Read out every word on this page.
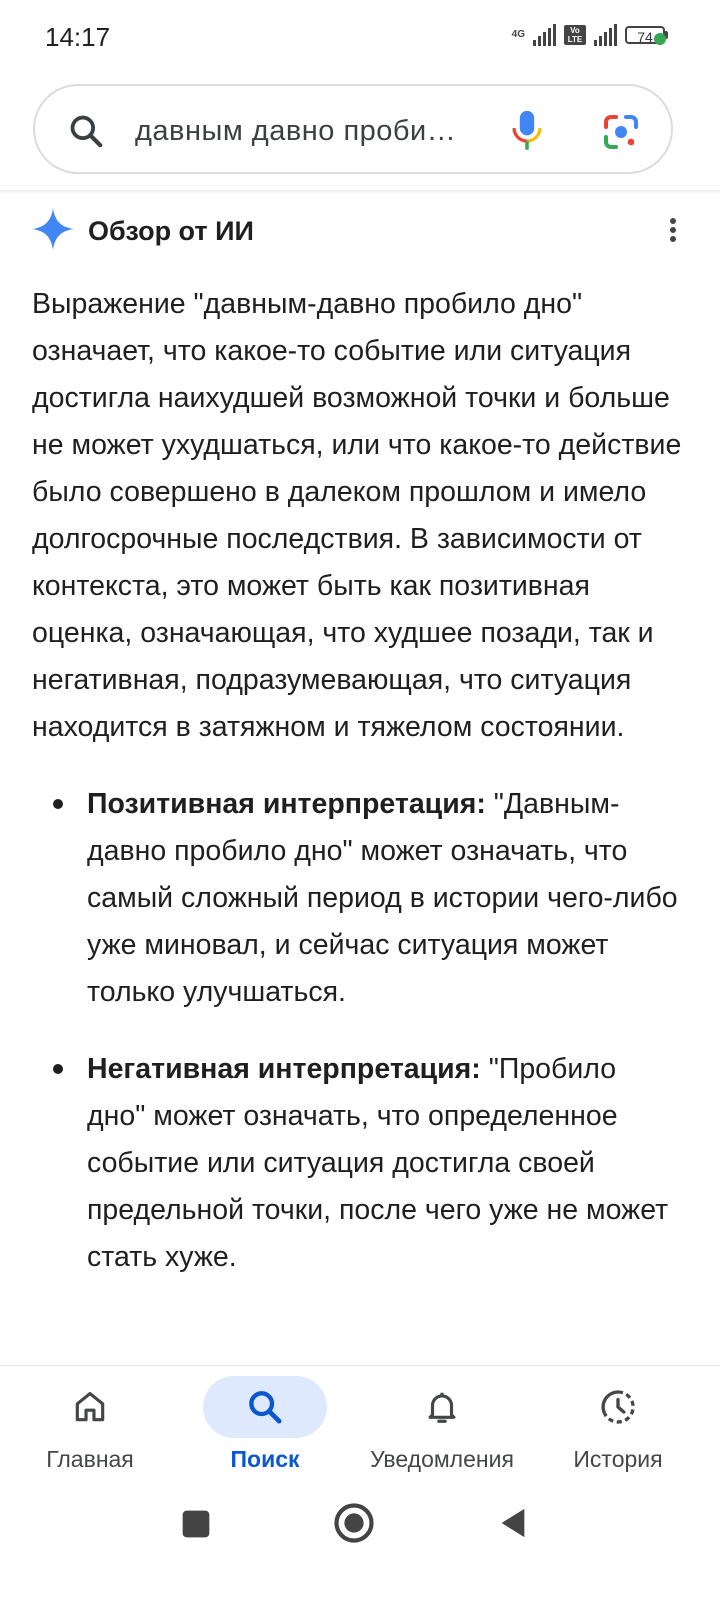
14:17	4G	Vo LTE	74
давным давно проби…
Обзор от ИИ

Выражение "давным-давно пробило дно" означает, что какое-то событие или ситуация достигла наихудшей возможной точки и больше не может ухудшаться, или что какое-то действие было совершено в далеком прошлом и имело долгосрочные последствия. В зависимости от контекста, это может быть как позитивная оценка, означающая, что худшее позади, так и негативная, подразумевающая, что ситуация находится в затяжном и тяжелом состоянии.

Позитивная интерпретация: "Давным-давно пробило дно" может означать, что самый сложный период в истории чего-либо уже миновал, и сейчас ситуация может только улучшаться.
Негативная интерпретация: "Пробило дно" может означать, что определенное событие или ситуация достигла своей предельной точки, после чего уже не может стать хуже.
Главная	Поиск	Уведомления	История
